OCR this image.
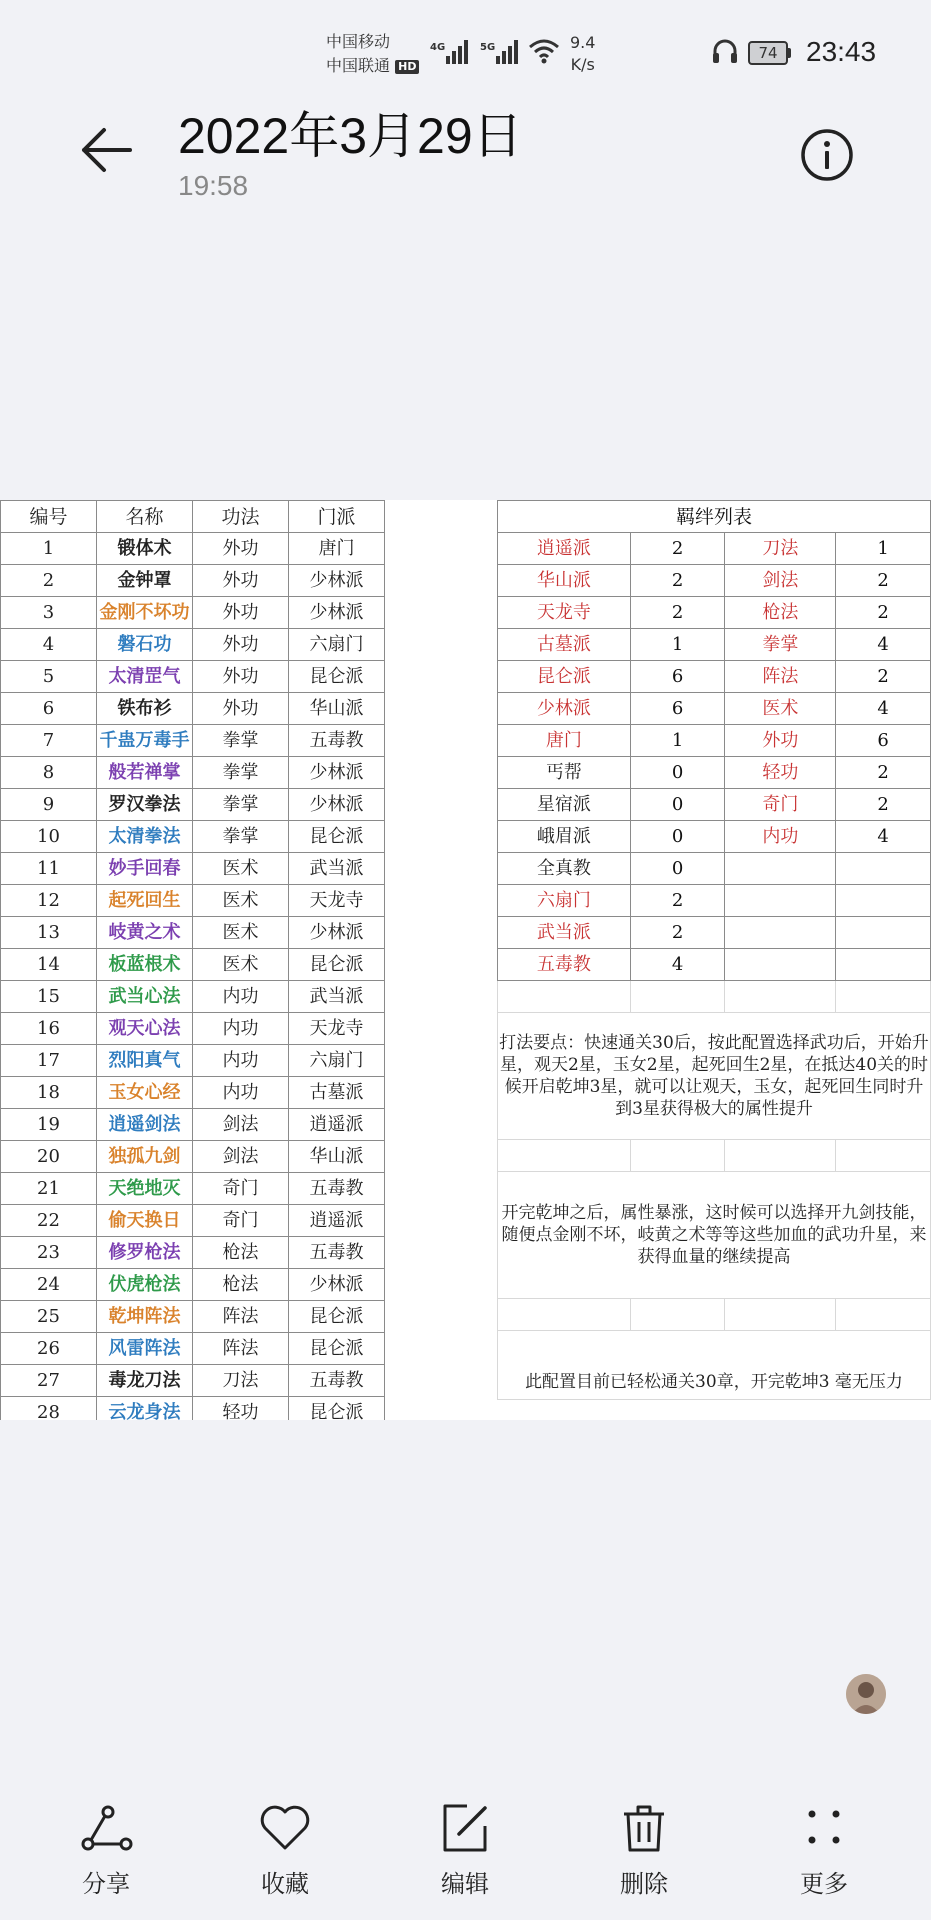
中国移动
中国联通 HD
4G	5G	9.4
K/s
74	23:43
2022年3月29日
19:58
编号	名称	功法	门派
1	锻体术	外功	唐门
2	金钟罩	外功	少林派
3	金刚不坏功	外功	少林派
4	磐石功	外功	六扇门
5	太清罡气	外功	昆仑派
6	铁布衫	外功	华山派
7	千蛊万毒手	拳掌	五毒教
8	般若禅掌	拳掌	少林派
9	罗汉拳法	拳掌	少林派
10	太清拳法	拳掌	昆仑派
11	妙手回春	医术	武当派
12	起死回生	医术	天龙寺
13	岐黄之术	医术	少林派
14	板蓝根术	医术	昆仑派
15	武当心法	内功	武当派
16	观天心法	内功	天龙寺
17	烈阳真气	内功	六扇门
18	玉女心经	内功	古墓派
19	逍遥剑法	剑法	逍遥派
20	独孤九剑	剑法	华山派
21	天绝地灭	奇门	五毒教
22	偷天换日	奇门	逍遥派
23	修罗枪法	枪法	五毒教
24	伏虎枪法	枪法	少林派
25	乾坤阵法	阵法	昆仑派
26	风雷阵法	阵法	昆仑派
27	毒龙刀法	刀法	五毒教
28	云龙身法	轻功	昆仑派
羁绊列表			
逍遥派	2	刀法	1
华山派	2	剑法	2
天龙寺	2	枪法	2
古墓派	1	拳掌	4
昆仑派	6	阵法	2
少林派	6	医术	4
唐门	1	外功	6
丐帮	0	轻功	2
星宿派	0	奇门	2
峨眉派	0	内功	4
全真教	0		
六扇门	2		
武当派	2		
五毒教	4		

打法要点：快速通关30后，按此配置选择武功后，开始升星，观天2星，玉女2星，起死回生2星，在抵达40关的时候开启乾坤3星，就可以让观天，玉女，起死回生同时升到3星获得极大的属性提升			

开完乾坤之后，属性暴涨，这时候可以选择开九剑技能，随便点金刚不坏，岐黄之术等等这些加血的武功升星，来获得血量的继续提高			

此配置目前已轻松通关30章，开完乾坤3 毫无压力			
分享	收藏	编辑	删除	更多
